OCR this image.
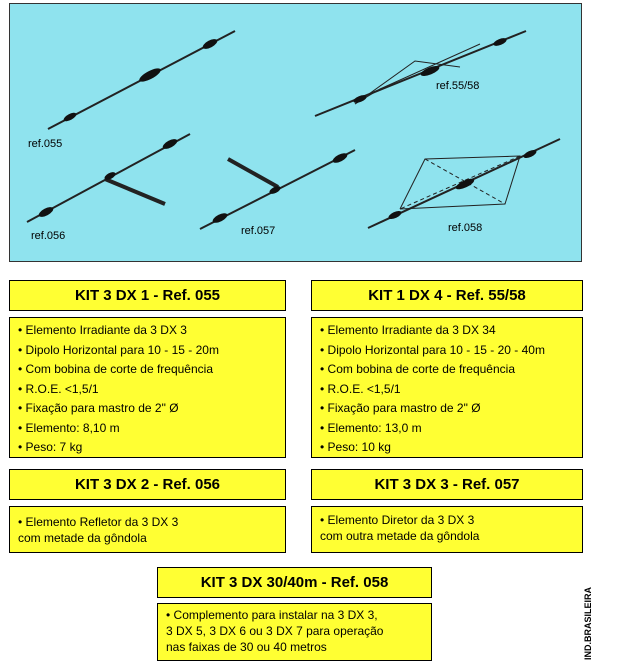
ref.055
ref.55/58
ref.056	ref.057	ref.058
KIT 3 DX 1 - Ref. 055
• Elemento Irradiante da 3 DX 3
• Dipolo Horizontal para 10 - 15 - 20m
• Com bobina de corte de frequência
• R.O.E. <1,5/1
• Fixação para mastro de 2" Ø
• Elemento: 8,10 m
• Peso: 7 kg
KIT 1 DX 4 - Ref. 55/58
• Elemento Irradiante da 3 DX 34
• Dipolo Horizontal para 10 - 15 - 20 - 40m
• Com bobina de corte de frequência
• R.O.E. <1,5/1
• Fixação para mastro de 2" Ø
• Elemento: 13,0 m
• Peso: 10 kg
KIT 3 DX 2 - Ref. 056
• Elemento Refletor da 3 DX 3
com metade da gôndola
KIT 3 DX 3 - Ref. 057
• Elemento Diretor da 3 DX 3
com outra metade da gôndola
KIT 3 DX 30/40m - Ref. 058
• Complemento para instalar na 3 DX 3,
3 DX 5, 3 DX 6 ou 3 DX 7 para operação
nas faixas de 30 ou 40 metros	IND.BRASILEIRA
